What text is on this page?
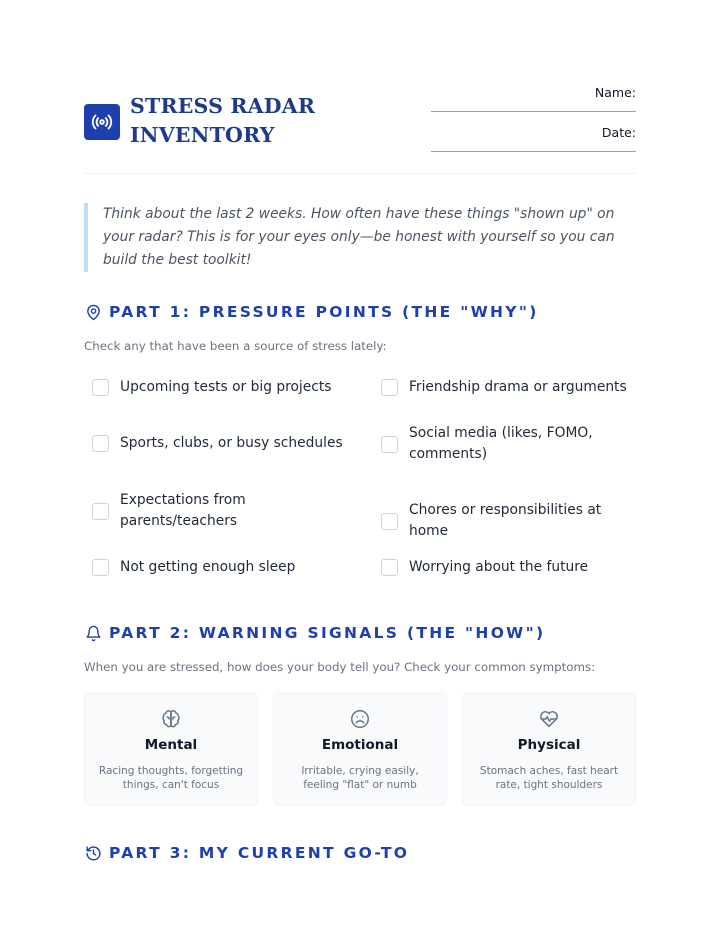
STRESS RADAR
INVENTORY
Name:
Date:

Think about the last 2 weeks. How often have these things "shown up" on your radar? This is for your eyes only—be honest with yourself so you can build the best toolkit!

PART 1: PRESSURE POINTS (THE "WHY")
Check any that have been a source of stress lately:
Upcoming tests or big projects	Friendship drama or arguments
Sports, clubs, or busy schedules
Social media (likes, FOMO, comments)
Expectations from parents/teachers
Chores or responsibilities at home
Not getting enough sleep	Worrying about the future
PART 2: WARNING SIGNALS (THE "HOW")
When you are stressed, how does your body tell you? Check your common symptoms:
Mental
Racing thoughts, forgetting things, can't focus
Emotional
Irritable, crying easily, feeling "flat" or numb
Physical
Stomach aches, fast heart rate, tight shoulders
PART 3: MY CURRENT GO-TO
